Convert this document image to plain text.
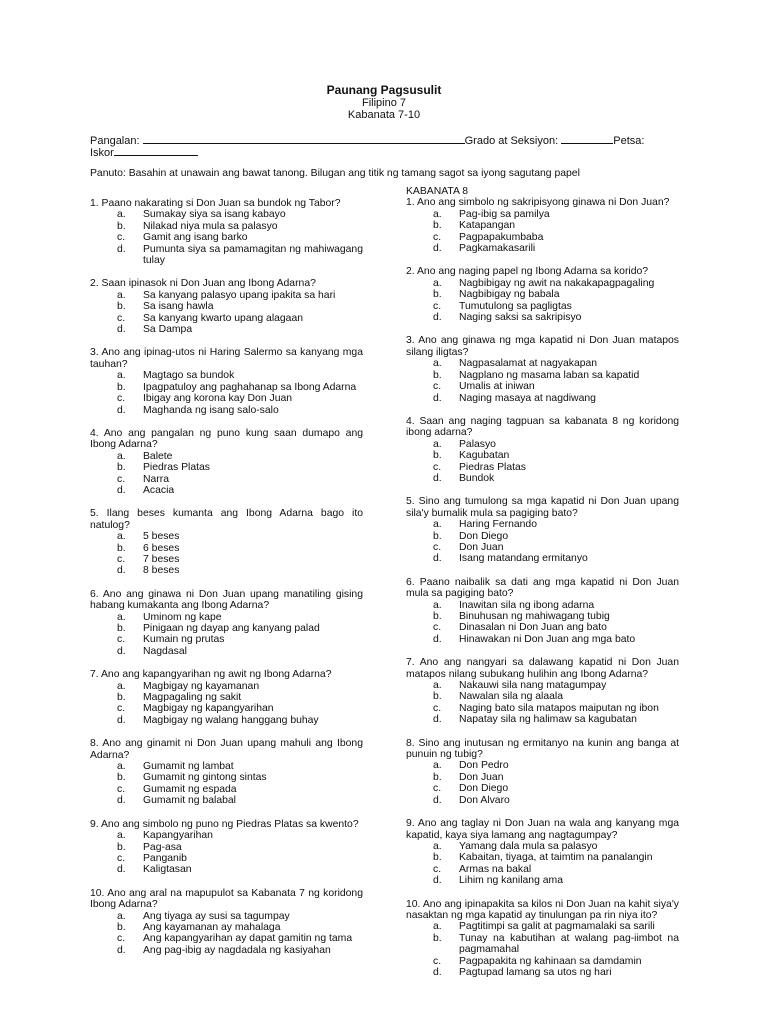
Paunang Pagsusulit
Filipino 7
Kabanata 7-10
Pangalan:	Grado at Seksiyon:	Petsa:
Iskor
Panuto: Basahin at unawain ang bawat tanong. Bilugan ang titik ng tamang sagot sa iyong sagutang papel
1. Paano nakarating si Don Juan sa bundok ng Tabor?
a.	Sumakay siya sa isang kabayo
b.	Nilakad niya mula sa palasyo
c.	Gamit ang isang barko
d.	Pumunta siya sa pamamagitan ng mahiwagang tulay
2. Saan ipinasok ni Don Juan ang Ibong Adarna?
a.	Sa kanyang palasyo upang ipakita sa hari
b.	Sa isang hawla
c.	Sa kanyang kwarto upang alagaan
d.	Sa Dampa
3. Ano ang ipinag-utos ni Haring Salermo sa kanyang mga tauhan?
a.	Magtago sa bundok
b.	Ipagpatuloy ang paghahanap sa Ibong Adarna
c.	Ibigay ang korona kay Don Juan
d.	Maghanda ng isang salo-salo
4. Ano ang pangalan ng puno kung saan dumapo ang Ibong Adarna?
a.	Balete
b.	Piedras Platas
c.	Narra
d.	Acacia
5. Ilang beses kumanta ang Ibong Adarna bago ito natulog?
a.	5 beses
b.	6 beses
c.	7 beses
d.	8 beses
6. Ano ang ginawa ni Don Juan upang manatiling gising habang kumakanta ang Ibong Adarna?
a.	Uminom ng kape
b.	Pinigaan ng dayap ang kanyang palad
c.	Kumain ng prutas
d.	Nagdasal
7. Ano ang kapangyarihan ng awit ng Ibong Adarna?
a.	Magbigay ng kayamanan
b.	Magpagaling ng sakit
c.	Magbigay ng kapangyarihan
d.	Magbigay ng walang hanggang buhay
8. Ano ang ginamit ni Don Juan upang mahuli ang Ibong Adarna?
a.	Gumamit ng lambat
b.	Gumamit ng gintong sintas
c.	Gumamit ng espada
d.	Gumamit ng balabal
9. Ano ang simbolo ng puno ng Piedras Platas sa kwento?
a.	Kapangyarihan
b.	Pag-asa
c.	Panganib
d.	Kaligtasan
10. Ano ang aral na mapupulot sa Kabanata 7 ng koridong Ibong Adarna?
a.	Ang tiyaga ay susi sa tagumpay
b.	Ang kayamanan ay mahalaga
c.	Ang kapangyarihan ay dapat gamitin ng tama
d.	Ang pag-ibig ay nagdadala ng kasiyahan
KABANATA 8
1. Ano ang simbolo ng sakripisyong ginawa ni Don Juan?
a.	Pag-ibig sa pamilya
b.	Katapangan
c.	Pagpapakumbaba
d.	Pagkamakasarili
2. Ano ang naging papel ng Ibong Adarna sa korido?
a.	Nagbibigay ng awit na nakakapagpagaling
b.	Nagbibigay ng babala
c.	Tumutulong sa pagligtas
d.	Naging saksi sa sakripisyo
3. Ano ang ginawa ng mga kapatid ni Don Juan matapos silang iligtas?
a.	Nagpasalamat at nagyakapan
b.	Nagplano ng masama laban sa kapatid
c.	Umalis at iniwan
d.	Naging masaya at nagdiwang
4. Saan ang naging tagpuan sa kabanata 8 ng koridong ibong adarna?
a.	Palasyo
b.	Kagubatan
c.	Piedras Platas
d.	Bundok
5. Sino ang tumulong sa mga kapatid ni Don Juan upang sila'y bumalik mula sa pagiging bato?
a.	Haring Fernando
b.	Don Diego
c.	Don Juan
d.	Isang matandang ermitanyo
6. Paano naibalik sa dati ang mga kapatid ni Don Juan mula sa pagiging bato?
a.	Inawitan sila ng ibong adarna
b.	Binuhusan ng mahiwagang tubig
c.	Dinasalan ni Don Juan ang bato
d.	Hinawakan ni Don Juan ang mga bato
7. Ano ang nangyari sa dalawang kapatid ni Don Juan matapos nilang subukang hulihin ang Ibong Adarna?
a.	Nakauwi sila nang matagumpay
b.	Nawalan sila ng alaala
c.	Naging bato sila matapos maiputan ng ibon
d.	Napatay sila ng halimaw sa kagubatan
8. Sino ang inutusan ng ermitanyo na kunin ang banga at punuin ng tubig?
a.	Don Pedro
b.	Don Juan
c.	Don Diego
d.	Don Alvaro
9. Ano ang taglay ni Don Juan na wala ang kanyang mga kapatid, kaya siya lamang ang nagtagumpay?
a.	Yamang dala mula sa palasyo
b.	Kabaitan, tiyaga, at taimtim na panalangin
c.	Armas na bakal
d.	Lihim ng kanilang ama
10. Ano ang ipinapakita sa kilos ni Don Juan na kahit siya'y nasaktan ng mga kapatid ay tinulungan pa rin niya ito?
a.	Pagtitimpi sa galit at pagmamalaki sa sarili
b.	Tunay na kabutihan at walang pag-iimbot na pagmamahal
c.	Pagpapakita ng kahinaan sa damdamin
d.	Pagtupad lamang sa utos ng hari
